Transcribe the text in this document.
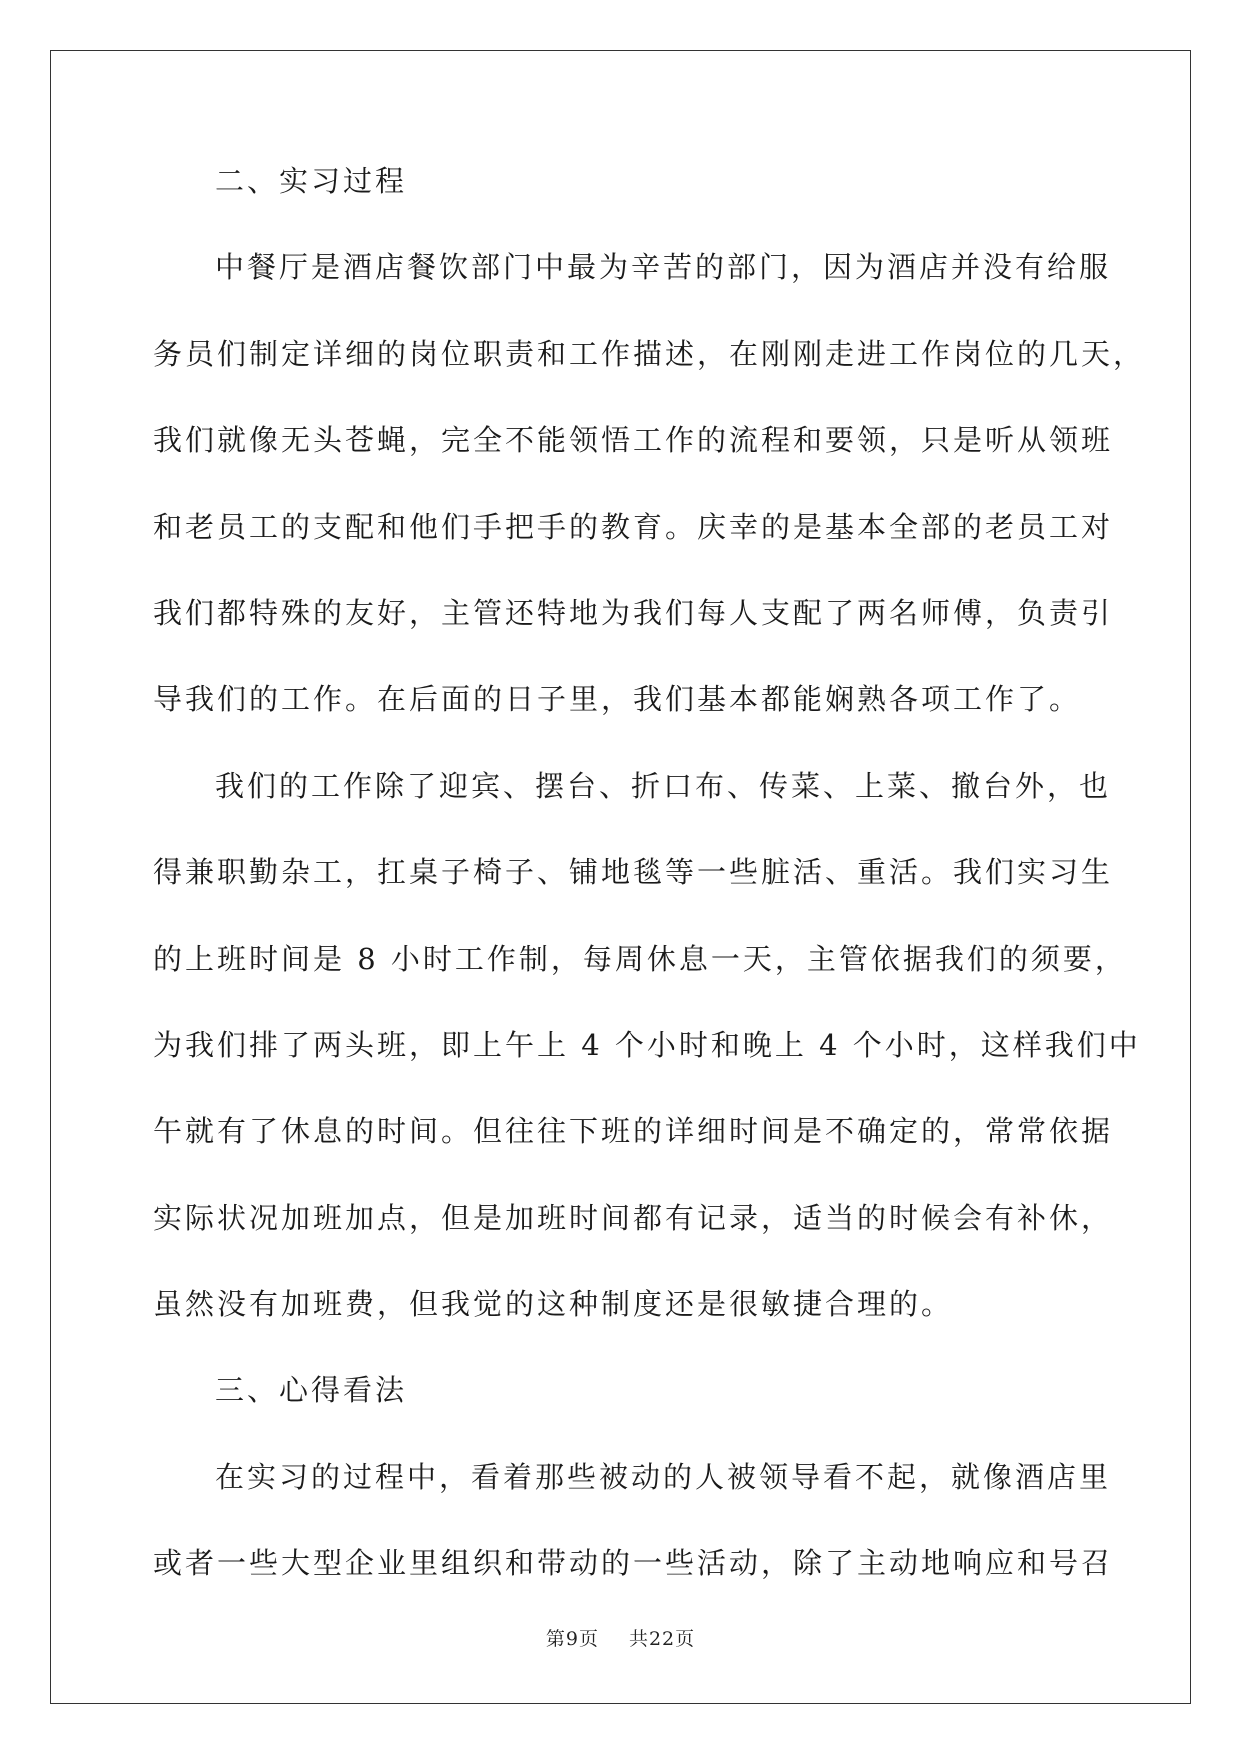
二、实习过程
中餐厅是酒店餐饮部门中最为辛苦的部门，因为酒店并没有给服
务员们制定详细的岗位职责和工作描述，在刚刚走进工作岗位的几天，
我们就像无头苍蝇，完全不能领悟工作的流程和要领，只是听从领班
和老员工的支配和他们手把手的教育。庆幸的是基本全部的老员工对
我们都特殊的友好，主管还特地为我们每人支配了两名师傅，负责引
导我们的工作。在后面的日子里，我们基本都能娴熟各项工作了。
我们的工作除了迎宾、摆台、折口布、传菜、上菜、撤台外，也
得兼职勤杂工，扛桌子椅子、铺地毯等一些脏活、重活。我们实习生
的上班时间是 8 小时工作制，每周休息一天，主管依据我们的须要，
为我们排了两头班，即上午上 4 个小时和晚上 4 个小时，这样我们中
午就有了休息的时间。但往往下班的详细时间是不确定的，常常依据
实际状况加班加点，但是加班时间都有记录，适当的时候会有补休，
虽然没有加班费，但我觉的这种制度还是很敏捷合理的。
三、心得看法
在实习的过程中，看着那些被动的人被领导看不起，就像酒店里
或者一些大型企业里组织和带动的一些活动，除了主动地响应和号召
第9页 共22页
